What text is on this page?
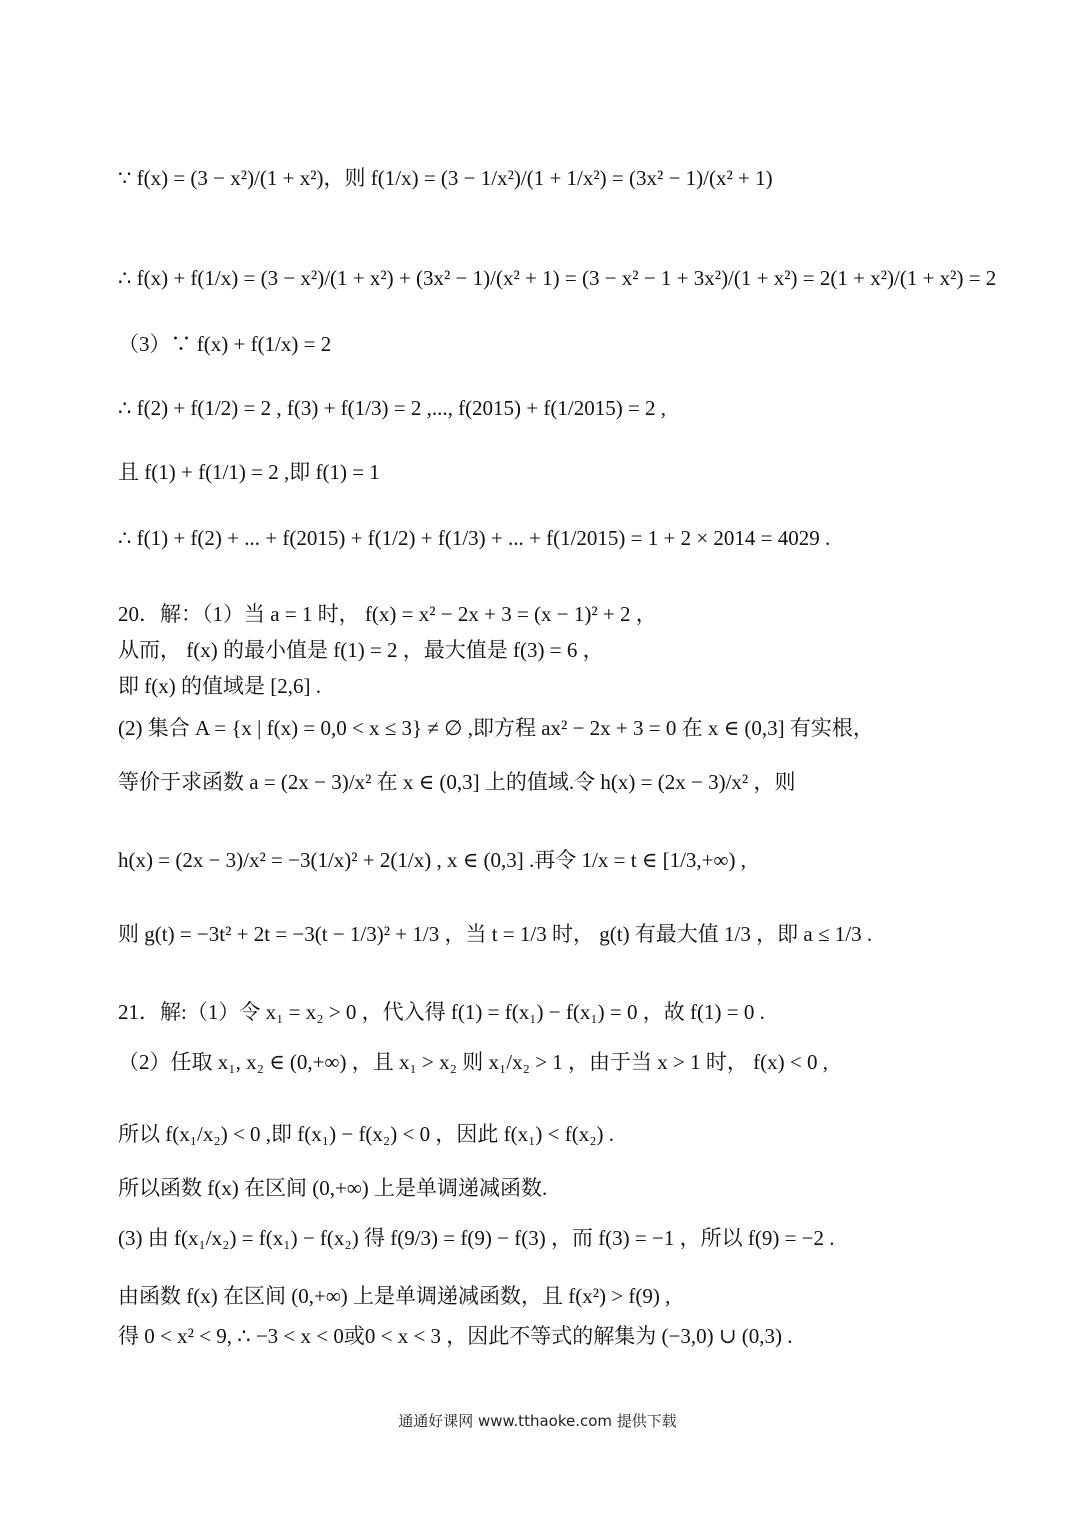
∵ f(x) = (3 − x²)/(1 + x²)，则 f(1/x) = (3 − 1/x²)/(1 + 1/x²) = (3x² − 1)/(x² + 1)
∴ f(x) + f(1/x) = (3 − x²)/(1 + x²) + (3x² − 1)/(x² + 1) = (3 − x² − 1 + 3x²)/(1 + x²) = 2(1 + x²)/(1 + x²) = 2
（3）∵ f(x) + f(1/x) = 2
∴ f(2) + f(1/2) = 2 , f(3) + f(1/3) = 2 ,..., f(2015) + f(1/2015) = 2 ,
且 f(1) + f(1/1) = 2 ,即 f(1) = 1
∴ f(1) + f(2) + ... + f(2015) + f(1/2) + f(1/3) + ... + f(1/2015) = 1 + 2 × 2014 = 4029 .
20．解：（1）当 a = 1 时， f(x) = x² − 2x + 3 = (x − 1)² + 2 ，
从而， f(x) 的最小值是 f(1) = 2 ，最大值是 f(3) = 6 ，
即 f(x) 的值域是 [2,6] .
(2) 集合 A = {x | f(x) = 0,0 < x ≤ 3} ≠ ∅ ,即方程 ax² − 2x + 3 = 0 在 x ∈ (0,3] 有实根，
等价于求函数 a = (2x − 3)/x² 在 x ∈ (0,3] 上的值域.令 h(x) = (2x − 3)/x² ，则
h(x) = (2x − 3)/x² = −3(1/x)² + 2(1/x) , x ∈ (0,3] .再令 1/x = t ∈ [1/3,+∞) ,
则 g(t) = −3t² + 2t = −3(t − 1/3)² + 1/3 ，当 t = 1/3 时， g(t) 有最大值 1/3 ，即 a ≤ 1/3 .
21．解:（1）令 x₁ = x₂ > 0 ，代入得 f(1) = f(x₁) − f(x₁) = 0 ，故 f(1) = 0 .
（2）任取 x₁, x₂ ∈ (0,+∞) ，且 x₁ > x₂ 则 x₁/x₂ > 1 ，由于当 x > 1 时， f(x) < 0 ,
所以 f(x₁/x₂) < 0 ,即 f(x₁) − f(x₂) < 0 ，因此 f(x₁) < f(x₂) .
所以函数 f(x) 在区间 (0,+∞) 上是单调递减函数.
(3) 由 f(x₁/x₂) = f(x₁) − f(x₂) 得 f(9/3) = f(9) − f(3) ，而 f(3) = −1 ，所以 f(9) = −2 .
由函数 f(x) 在区间 (0,+∞) 上是单调递减函数，且 f(x²) > f(9) ,
得 0 < x² < 9, ∴ −3 < x < 0或0 < x < 3 ，因此不等式的解集为 (−3,0) ∪ (0,3) .
通通好课网 www.tthaoke.com 提供下载
